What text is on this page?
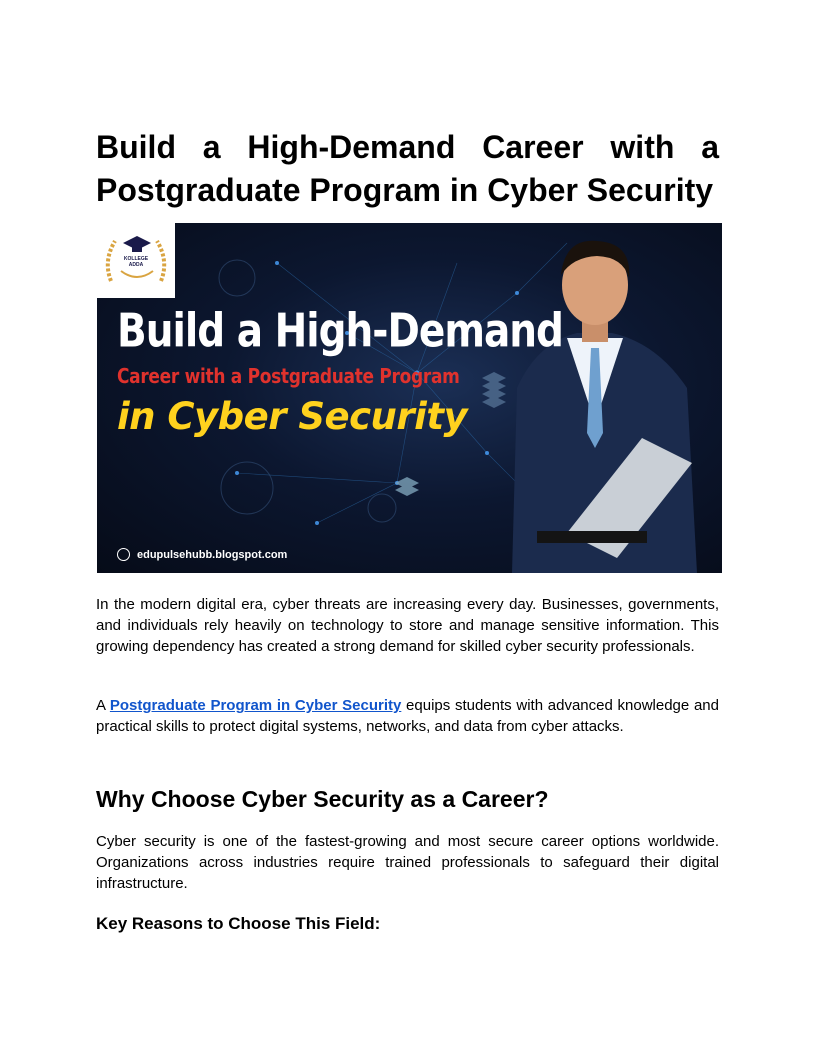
Build a High-Demand Career with a Postgraduate Program in Cyber Security
KOLLEGE ADDA
Build a High-Demand
Career with a Postgraduate Program
in Cyber Security
edupulsehubb.blogspot.com

In the modern digital era, cyber threats are increasing every day. Businesses, governments, and individuals rely heavily on technology to store and manage sensitive information. This growing dependency has created a strong demand for skilled cyber security professionals.

A Postgraduate Program in Cyber Security equips students with advanced knowledge and practical skills to protect digital systems, networks, and data from cyber attacks.

Why Choose Cyber Security as a Career?

Cyber security is one of the fastest-growing and most secure career options worldwide. Organizations across industries require trained professionals to safeguard their digital infrastructure.

Key Reasons to Choose This Field:
